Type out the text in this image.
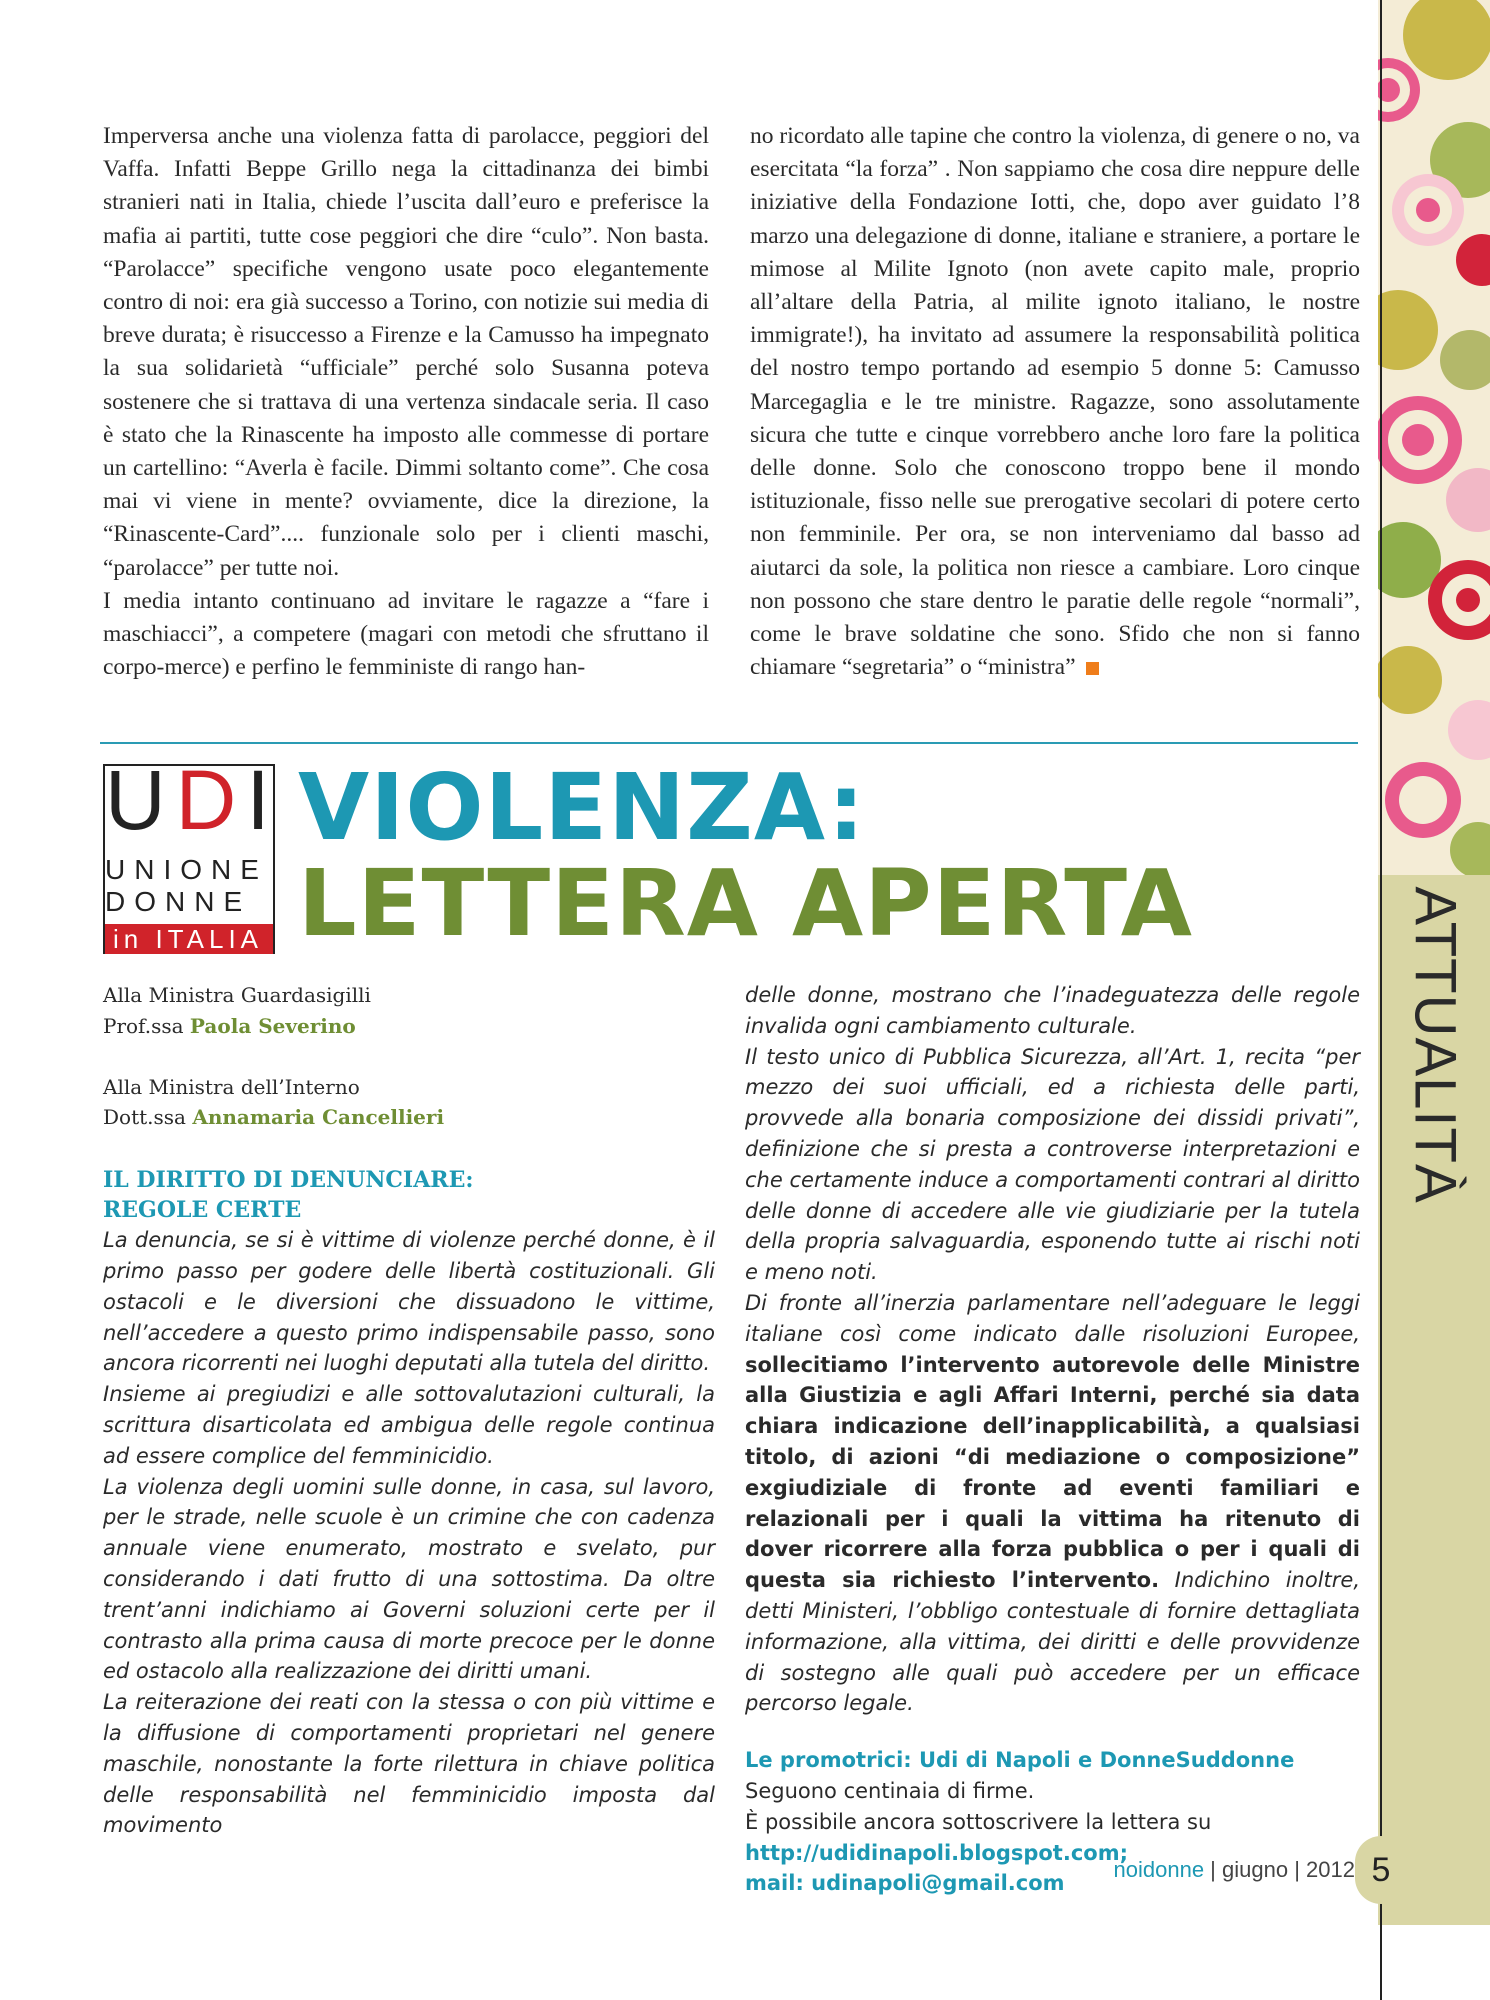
ATTUALITÀ

Imperversa anche una violenza fatta di parolacce, peggiori del Vaffa. Infatti Beppe Grillo nega la cittadinanza dei bimbi stranieri nati in Italia, chiede l’uscita dall’euro e preferisce la mafia ai partiti, tutte cose peggiori che dire “culo”. Non basta. “Parolacce” specifiche vengono usate poco elegantemente contro di noi: era già successo a Torino, con notizie sui media di breve durata; è risuccesso a Firenze e la Camusso ha impegnato la sua solidarietà “ufficiale” perché solo Susanna poteva sostenere che si trattava di una vertenza sindacale seria. Il caso è stato che la Rinascente ha imposto alle commesse di portare un cartellino: “Averla è facile. Dimmi soltanto come”. Che cosa mai vi viene in mente? ovviamente, dice la direzione, la “Rinascente-Card”.... funzionale solo per i clienti maschi, “parolacce” per tutte noi.

I media intanto continuano ad invitare le ragazze a “fare i maschiacci”, a competere (magari con metodi che sfruttano il corpo-merce) e perfino le femministe di rango han-

no ricordato alle tapine che contro la violenza, di genere o no, va esercitata “la forza” . Non sappiamo che cosa dire neppure delle iniziative della Fondazione Iotti, che, dopo aver guidato l’8 marzo una delegazione di donne, italiane e straniere, a portare le mimose al Milite Ignoto (non avete capito male, proprio all’altare della Patria, al milite ignoto italiano, le nostre immigrate!), ha invitato ad assumere la responsabilità politica del nostro tempo portando ad esempio 5 donne 5: Camusso Marcegaglia e le tre ministre. Ragazze, sono assolutamente sicura che tutte e cinque vorrebbero anche loro fare la politica delle donne. Solo che conoscono troppo bene il mondo istituzionale, fisso nelle sue prerogative secolari di potere certo non femminile. Per ora, se non interveniamo dal basso ad aiutarci da sole, la politica non riesce a cambiare. Loro cinque non possono che stare dentro le paratie delle regole “normali”, come le brave soldatine che sono. Sfido che non si fanno chiamare “segretaria” o “ministra”

UDI
UNIONE
DONNE
in ITALIA
VIOLENZA:
LETTERA APERTA
Alla Ministra Guardasigilli
Prof.ssa Paola Severino
Alla Ministra dell’Interno
Dott.ssa Annamaria Cancellieri
IL DIRITTO DI DENUNCIARE:
REGOLE CERTE

La denuncia, se si è vittime di violenze perché donne, è il primo passo per godere delle libertà costituzionali. Gli ostacoli e le diversioni che dissuadono le vittime, nell’accedere a questo primo indispensabile passo, sono ancora ricorrenti nei luoghi deputati alla tutela del diritto.

Insieme ai pregiudizi e alle sottovalutazioni culturali, la scrittura disarticolata ed ambigua delle regole continua ad essere complice del femminicidio.

La violenza degli uomini sulle donne, in casa, sul lavoro, per le strade, nelle scuole è un crimine che con cadenza annuale viene enumerato, mostrato e svelato, pur considerando i dati frutto di una sottostima. Da oltre trent’anni indichiamo ai Governi soluzioni certe per il contrasto alla prima causa di morte precoce per le donne ed ostacolo alla realizzazione dei diritti umani.

La reiterazione dei reati con la stessa o con più vittime e la diffusione di comportamenti proprietari nel genere maschile, nonostante la forte rilettura in chiave politica delle responsabilità nel femminicidio imposta dal movimento

delle donne, mostrano che l’inadeguatezza delle regole invalida ogni cambiamento culturale.

Il testo unico di Pubblica Sicurezza, all’Art. 1, recita “per mezzo dei suoi ufficiali, ed a richiesta delle parti, provvede alla bonaria composizione dei dissidi privati”, definizione che si presta a controverse interpretazioni e che certamente induce a comportamenti contrari al diritto delle donne di accedere alle vie giudiziarie per la tutela della propria salvaguardia, esponendo tutte ai rischi noti e meno noti.

Di fronte all’inerzia parlamentare nell’adeguare le leggi italiane così come indicato dalle risoluzioni Europee, sollecitiamo l’intervento autorevole delle Ministre alla Giustizia e agli Affari Interni, perché sia data chiara indicazione dell’inapplicabilità, a qualsiasi titolo, di azioni “di mediazione o composizione” exgiudiziale di fronte ad eventi familiari e relazionali per i quali la vittima ha ritenuto di dover ricorrere alla forza pubblica o per i quali di questa sia richiesto l’intervento. Indichino inoltre, detti Ministeri, l’obbligo contestuale di fornire dettagliata informazione, alla vittima, dei diritti e delle provvidenze di sostegno alle quali può accedere per un efficace percorso legale.

Le promotrici: Udi di Napoli e DonneSuddonne

Seguono centinaia di firme.

È possibile ancora sottoscrivere la lettera su

http://udidinapoli.blogspot.com;

mail: udinapoli@gmail.com

noidonne | giugno | 2012 5
